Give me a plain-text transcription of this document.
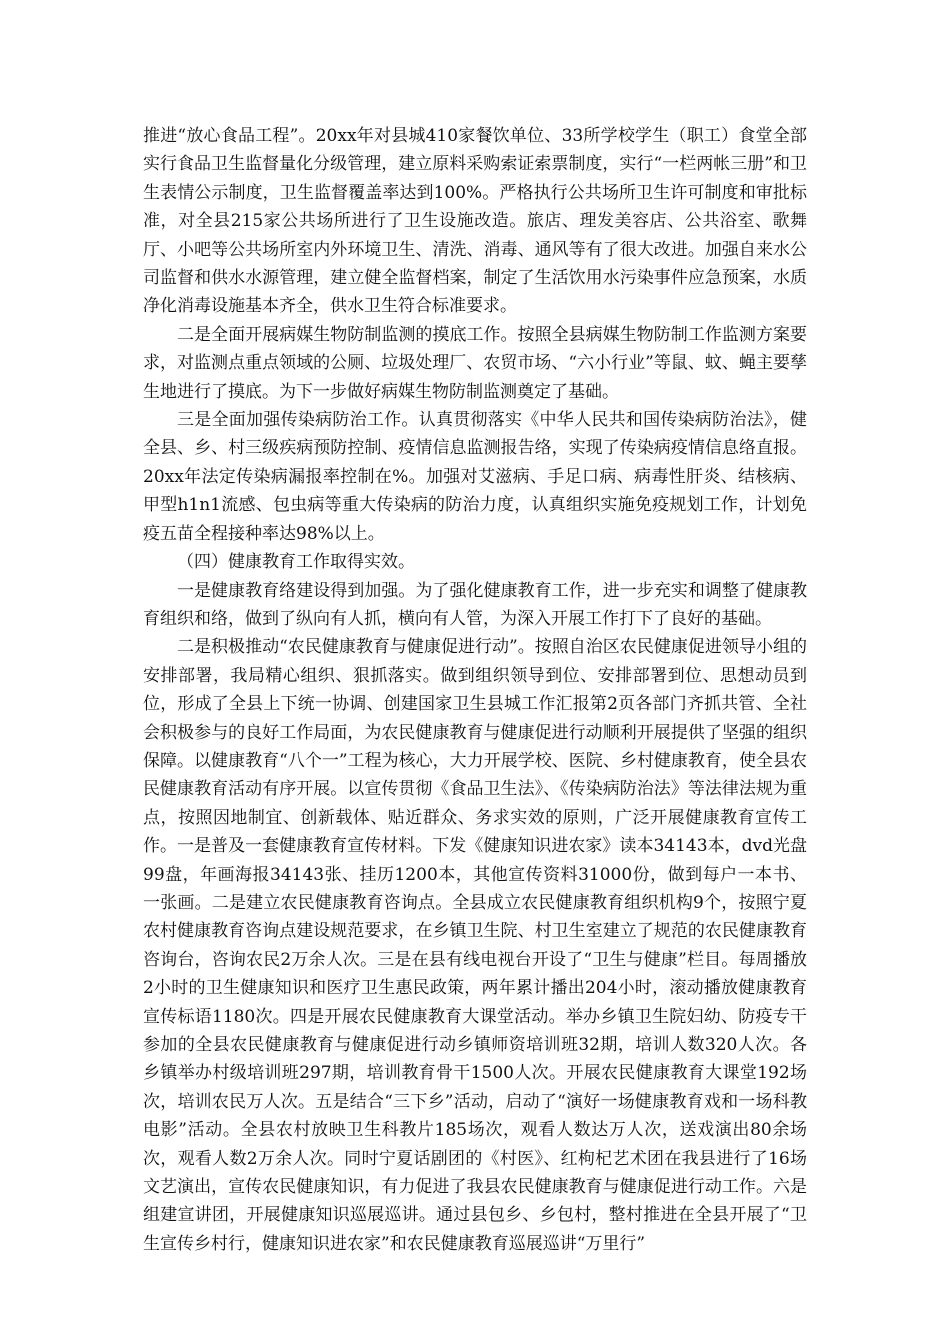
推进“放心食品工程”。20xx年对县城410家餐饮单位、33所学校学生（职工）食堂全部实行食品卫生监督量化分级管理，建立原料采购索证索票制度，实行“一栏两帐三册”和卫生表情公示制度，卫生监督覆盖率达到100%。严格执行公共场所卫生许可制度和审批标准，对全县215家公共场所进行了卫生设施改造。旅店、理发美容店、公共浴室、歌舞厅、小吧等公共场所室内外环境卫生、清洗、消毒、通风等有了很大改进。加强自来水公司监督和供水水源管理，建立健全监督档案，制定了生活饮用水污染事件应急预案，水质净化消毒设施基本齐全，供水卫生符合标准要求。

二是全面开展病媒生物防制监测的摸底工作。按照全县病媒生物防制工作监测方案要求，对监测点重点领域的公厕、垃圾处理厂、农贸市场、“六小行业”等鼠、蚊、蝇主要孳生地进行了摸底。为下一步做好病媒生物防制监测奠定了基础。

三是全面加强传染病防治工作。认真贯彻落实《中华人民共和国传染病防治法》，健全县、乡、村三级疾病预防控制、疫情信息监测报告络，实现了传染病疫情信息络直报。20xx年法定传染病漏报率控制在%。加强对艾滋病、手足口病、病毒性肝炎、结核病、甲型h1n1流感、包虫病等重大传染病的防治力度，认真组织实施免疫规划工作，计划免疫五苗全程接种率达98%以上。

（四）健康教育工作取得实效。

一是健康教育络建设得到加强。为了强化健康教育工作，进一步充实和调整了健康教育组织和络，做到了纵向有人抓，横向有人管，为深入开展工作打下了良好的基础。

二是积极推动“农民健康教育与健康促进行动”。按照自治区农民健康促进领导小组的安排部署，我局精心组织、狠抓落实。做到组织领导到位、安排部署到位、思想动员到位，形成了全县上下统一协调、创建国家卫生县城工作汇报第2页各部门齐抓共管、全社会积极参与的良好工作局面，为农民健康教育与健康促进行动顺利开展提供了坚强的组织保障。以健康教育“八个一”工程为核心，大力开展学校、医院、乡村健康教育，使全县农民健康教育活动有序开展。以宣传贯彻《食品卫生法》、《传染病防治法》等法律法规为重点，按照因地制宜、创新载体、贴近群众、务求实效的原则，广泛开展健康教育宣传工作。一是普及一套健康教育宣传材料。下发《健康知识进农家》读本34143本，dvd光盘99盘，年画海报34143张、挂历1200本，其他宣传资料31000份，做到每户一本书、一张画。二是建立农民健康教育咨询点。全县成立农民健康教育组织机构9个，按照宁夏农村健康教育咨询点建设规范要求，在乡镇卫生院、村卫生室建立了规范的农民健康教育咨询台，咨询农民2万余人次。三是在县有线电视台开设了“卫生与健康”栏目。每周播放2小时的卫生健康知识和医疗卫生惠民政策，两年累计播出204小时，滚动播放健康教育宣传标语1180次。四是开展农民健康教育大课堂活动。举办乡镇卫生院妇幼、防疫专干参加的全县农民健康教育与健康促进行动乡镇师资培训班32期，培训人数320人次。各乡镇举办村级培训班297期，培训教育骨干1500人次。开展农民健康教育大课堂192场次，培训农民万人次。五是结合“三下乡”活动，启动了“演好一场健康教育戏和一场科教电影”活动。全县农村放映卫生科教片185场次，观看人数达万人次，送戏演出80余场次，观看人数2万余人次。同时宁夏话剧团的《村医》、红枸杞艺术团在我县进行了16场文艺演出，宣传农民健康知识，有力促进了我县农民健康教育与健康促进行动工作。六是组建宣讲团，开展健康知识巡展巡讲。通过县包乡、乡包村，整村推进在全县开展了“卫生宣传乡村行，健康知识进农家”和农民健康教育巡展巡讲“万里行”
